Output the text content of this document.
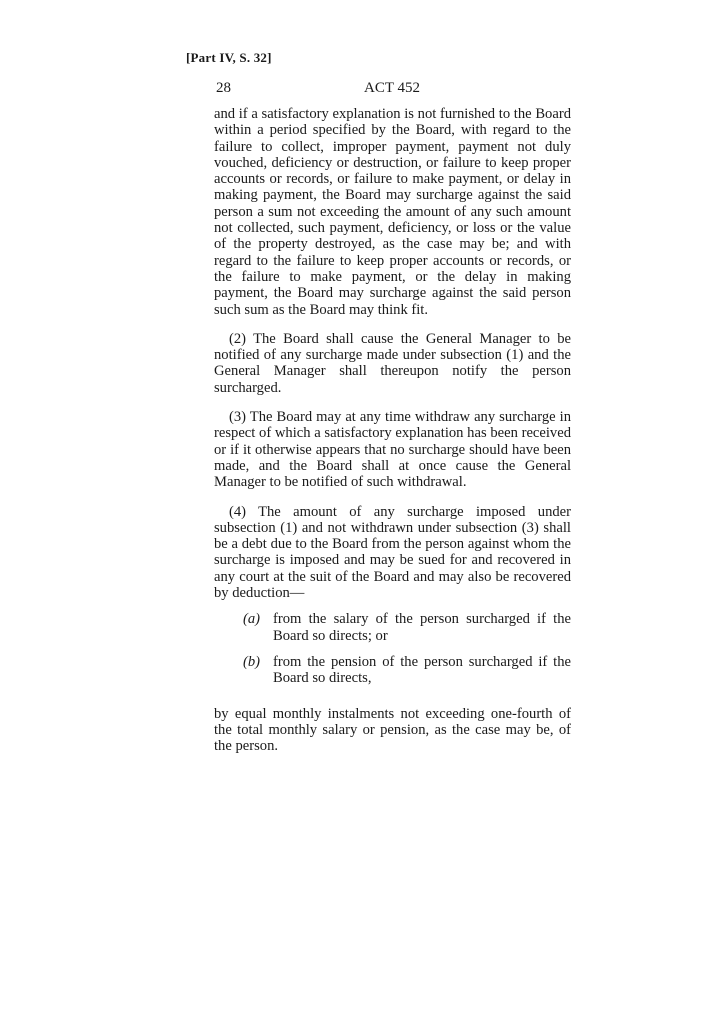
[Part IV, S. 32]
28	ACT 452

and if a satisfactory explanation is not furnished to the Board within a period specified by the Board, with regard to the failure to collect, improper payment, payment not duly vouched, deficiency or destruction, or failure to keep proper accounts or records, or failure to make payment, or delay in making payment, the Board may surcharge against the said person a sum not exceeding the amount of any such amount not collected, such payment, deficiency, or loss or the value of the property destroyed, as the case may be; and with regard to the failure to keep proper accounts or records, or the failure to make payment, or the delay in making payment, the Board may surcharge against the said person such sum as the Board may think fit.

(2) The Board shall cause the General Manager to be notified of any surcharge made under subsection (1) and the General Manager shall thereupon notify the person surcharged.

(3) The Board may at any time withdraw any surcharge in respect of which a satisfactory explanation has been received or if it otherwise appears that no surcharge should have been made, and the Board shall at once cause the General Manager to be notified of such withdrawal.

(4) The amount of any surcharge imposed under subsection (1) and not withdrawn under subsection (3) shall be a debt due to the Board from the person against whom the surcharge is imposed and may be sued for and recovered in any court at the suit of the Board and may also be recovered by deduction—

(a) from the salary of the person surcharged if the Board so directs; or
(b) from the pension of the person surcharged if the Board so directs,

by equal monthly instalments not exceeding one-fourth of the total monthly salary or pension, as the case may be, of the person.
